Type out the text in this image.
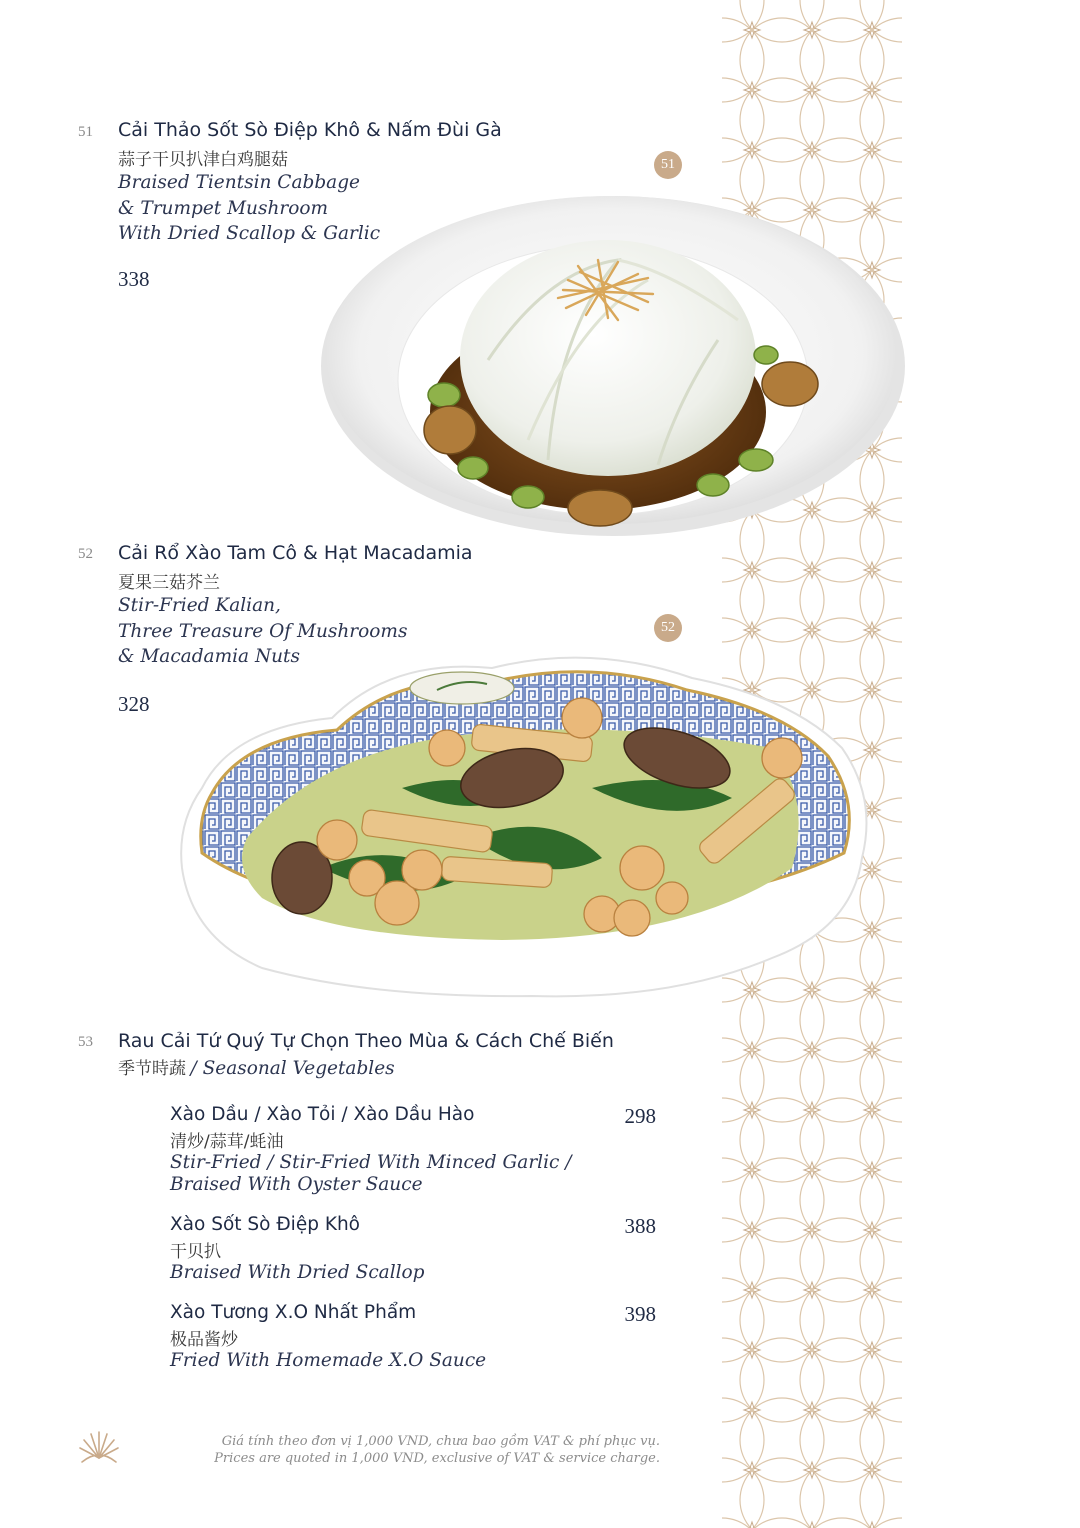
51 Cải Thảo Sốt Sò Điệp Khô & Nấm Đùi Gà
蒜子干贝扒津白鸡腿菇
Braised Tientsin Cabbage
& Trumpet Mushroom
With Dried Scallop & Garlic
338
51
52 Cải Rổ Xào Tam Cô & Hạt Macadamia
夏果三菇芥兰
Stir-Fried Kalian,
Three Treasure Of Mushrooms
& Macadamia Nuts
328
52
53 Rau Cải Tứ Quý Tự Chọn Theo Mùa & Cách Chế Biến
季节時蔬 / Seasonal Vegetables
Xào Dầu / Xào Tỏi / Xào Dầu Hào	298
清炒/蒜茸/蚝油
Stir-Fried / Stir-Fried With Minced Garlic /
Braised With Oyster Sauce
Xào Sốt Sò Điệp Khô	388
干贝扒
Braised With Dried Scallop
Xào Tương X.O Nhất Phẩm	398
极品酱炒
Fried With Homemade X.O Sauce
Giá tính theo đơn vị 1,000 VND, chưa bao gồm VAT & phí phục vụ.
Prices are quoted in 1,000 VND, exclusive of VAT & service charge.
